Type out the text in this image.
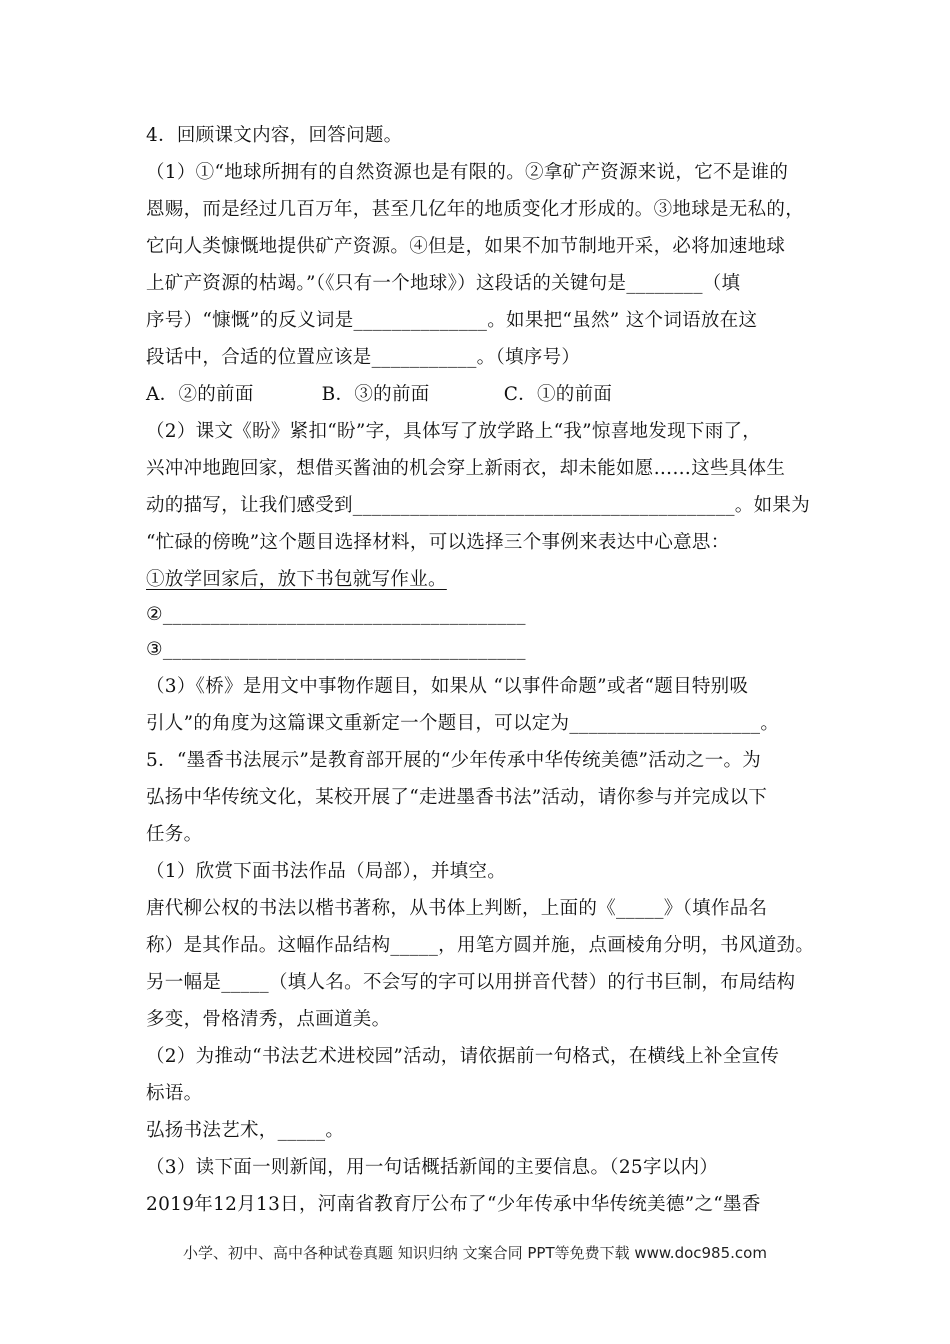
4．回顾课文内容，回答问题。
（1）①“地球所拥有的自然资源也是有限的。②拿矿产资源来说，它不是谁的
恩赐，而是经过几百万年，甚至几亿年的地质变化才形成的。③地球是无私的，
它向人类慷慨地提供矿产资源。④但是，如果不加节制地开采，必将加速地球
上矿产资源的枯竭。”（《只有一个地球》）这段话的关键句是________（填
序号）“慷慨”的反义词是______________。如果把“虽然” 这个词语放在这
段话中，合适的位置应该是___________。（填序号）
A．②的前面           B．③的前面            C．①的前面
（2）课文《盼》紧扣“盼”字，具体写了放学路上“我”惊喜地发现下雨了，
兴冲冲地跑回家，想借买酱油的机会穿上新雨衣，却未能如愿……这些具体生
动的描写，让我们感受到________________________________________。如果为
“忙碌的傍晚”这个题目选择材料，可以选择三个事例来表达中心意思：
①放学回家后，放下书包就写作业。
②______________________________________
③______________________________________
（3）《桥》是用文中事物作题目，如果从 “以事件命题”或者“题目特别吸
引人”的角度为这篇课文重新定一个题目，可以定为____________________。
5．“墨香书法展示”是教育部开展的“少年传承中华传统美德”活动之一。为
弘扬中华传统文化，某校开展了“走进墨香书法”活动，请你参与并完成以下
任务。
（1）欣赏下面书法作品（局部），并填空。
唐代柳公权的书法以楷书著称，从书体上判断，上面的《_____》（填作品名
称）是其作品。这幅作品结构_____，用笔方圆并施，点画棱角分明，书风道劲。
另一幅是_____（填人名。不会写的字可以用拼音代替）的行书巨制，布局结构
多变，骨格清秀，点画道美。
（2）为推动“书法艺术进校园”活动，请依据前一句格式，在横线上补全宣传
标语。
弘扬书法艺术，_____。
（3）读下面一则新闻，用一句话概括新闻的主要信息。（25字以内）
2019年12月13日，河南省教育厅公布了“少年传承中华传统美德”之“墨香
小学、初中、高中各种试卷真题 知识归纳 文案合同 PPT等免费下载 www.doc985.com
